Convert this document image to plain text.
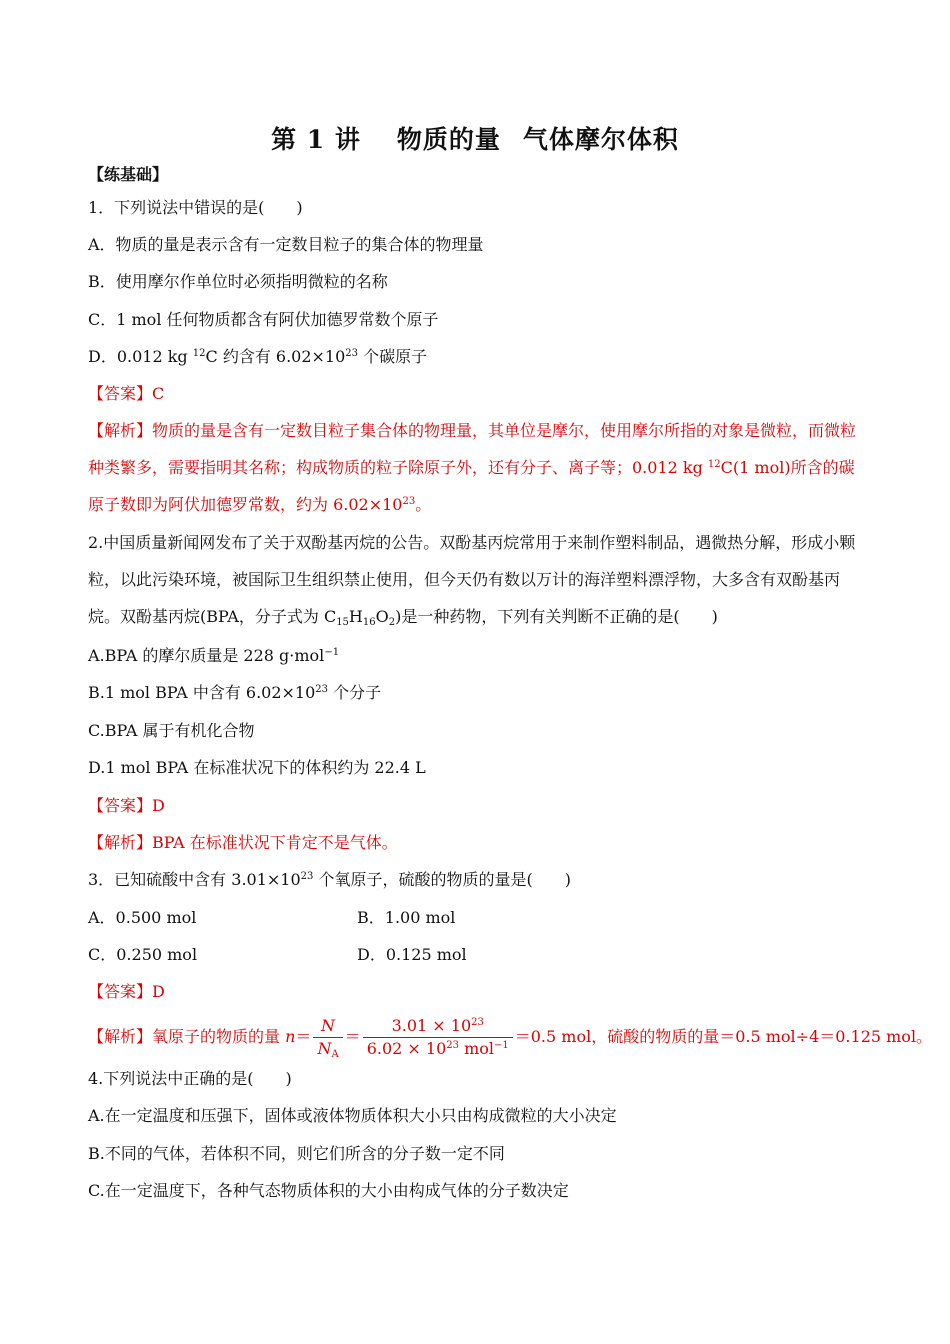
第 1 讲 物质的量 气体摩尔体积
【练基础】
1．下列说法中错误的是(　　)
A．物质的量是表示含有一定数目粒子的集合体的物理量
B．使用摩尔作单位时必须指明微粒的名称
C．1 mol 任何物质都含有阿伏加德罗常数个原子
D．0.012 kg $^{12}$C 约含有 $6.02\times 10^{23}$ 个碳原子
【答案】C
【解析】物质的量是含有一定数目粒子集合体的物理量，其单位是摩尔，使用摩尔所指的对象是微粒，而微粒种类繁多，需要指明其名称；构成物质的粒子除原子外，还有分子、离子等；0.012 kg $^{12}$C(1 mol)所含的碳原子数即为阿伏加德罗常数，约为 $6.02\times 10^{23}$。
2.中国质量新闻网发布了关于双酚基丙烷的公告。双酚基丙烷常用于来制作塑料制品，遇微热分解，形成小颗粒，以此污染环境，被国际卫生组织禁止使用，但今天仍有数以万计的海洋塑料漂浮物，大多含有双酚基丙烷。双酚基丙烷(BPA，分子式为 $C_{15}H_{16}O_2$)是一种药物，下列有关判断不正确的是(　　)
A.BPA 的摩尔质量是 228 g·mol$^{-1}$
B.1 mol BPA 中含有 $6.02\times 10^{23}$ 个分子
C.BPA 属于有机化合物
D.1 mol BPA 在标准状况下的体积约为 22.4 L
【答案】D
【解析】BPA 在标准状况下肯定不是气体。
3．已知硫酸中含有 $3.01\times 10^{23}$ 个氧原子，硫酸的物质的量是(　　)
A．0.500 mol	B．1.00 mol
C．0.250 mol	D．0.125 mol
【答案】D
【解析】氧原子的物质的量 $n= \frac{N}{N_A} = \frac{3.01 \times 10^{23}}{6.02 \times 10^{23} mol^{-1}} =0.5$ mol，硫酸的物质的量＝0.5 mol÷4＝0.125 mol。
4.下列说法中正确的是(　　)
A.在一定温度和压强下，固体或液体物质体积大小只由构成微粒的大小决定
B.不同的气体，若体积不同，则它们所含的分子数一定不同
C.在一定温度下，各种气态物质体积的大小由构成气体的分子数决定
